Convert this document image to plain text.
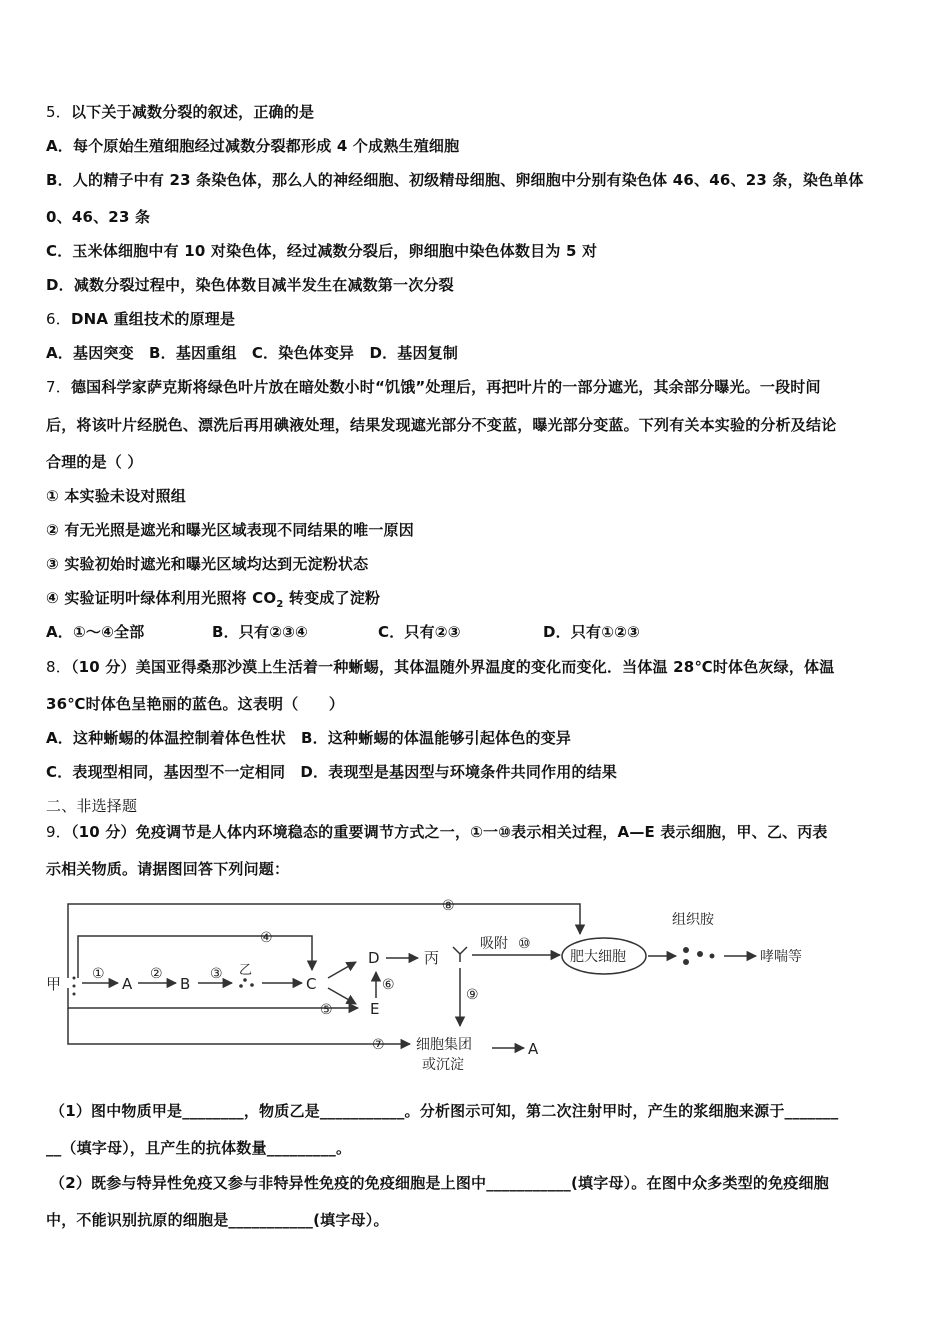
5．以下关于减数分裂的叙述，正确的是
A．每个原始生殖细胞经过减数分裂都形成 4 个成熟生殖细胞
B．人的精子中有 23 条染色体，那么人的神经细胞、初级精母细胞、卵细胞中分别有染色体 46、46、23 条，染色单体
0、46、23 条
C．玉米体细胞中有 10 对染色体，经过减数分裂后，卵细胞中染色体数目为 5 对
D．减数分裂过程中，染色体数目减半发生在减数第一次分裂
6．DNA 重组技术的原理是
A．基因突变　B．基因重组　C．染色体变异　D．基因复制
7．德国科学家萨克斯将绿色叶片放在暗处数小时“饥饿”处理后，再把叶片的一部分遮光，其余部分曝光。一段时间
后，将该叶片经脱色、漂洗后再用碘液处理，结果发现遮光部分不变蓝，曝光部分变蓝。下列有关本实验的分析及结论
合理的是（ ）
① 本实验未设对照组
② 有无光照是遮光和曝光区域表现不同结果的唯一原因
③ 实验初始时遮光和曝光区域均达到无淀粉状态
④ 实验证明叶绿体利用光照将 $CO_2$ 转变成了淀粉
A．①～④全部	B．只有②③④	C．只有②③	D．只有①②③
8．（10 分）美国亚得桑那沙漠上生活着一种蜥蜴，其体温随外界温度的变化而变化．当体温 28℃时体色灰绿，体温
36℃时体色呈艳丽的蓝色。这表明（　　）
A．这种蜥蜴的体温控制着体色性状　B．这种蜥蜴的体温能够引起体色的变异
C．表现型相同，基因型不一定相同　D．表现型是基因型与环境条件共同作用的结果
二、非选择题
9．（10 分）免疫调节是人体内环境稳态的重要调节方式之一，①一⑩表示相关过程，A—E 表示细胞，甲、乙、丙表
示相关物质。请据图回答下列问题：
甲
①
A
②
B
③ 乙
C
④
⑧
D
E
⑥
⑤
丙
吸附 ⑩
肥大细胞
组织胺
哮喘等
⑨
⑦ 细胞集团
或沉淀
A
（1）图中物质甲是________，物质乙是___________。分析图示可知，第二次注射甲时，产生的浆细胞来源于_______
__（填字母），且产生的抗体数量_________。
（2）既参与特异性免疫又参与非特异性免疫的免疫细胞是上图中___________(填字母）。在图中众多类型的免疫细胞
中，不能识别抗原的细胞是___________(填字母）。
